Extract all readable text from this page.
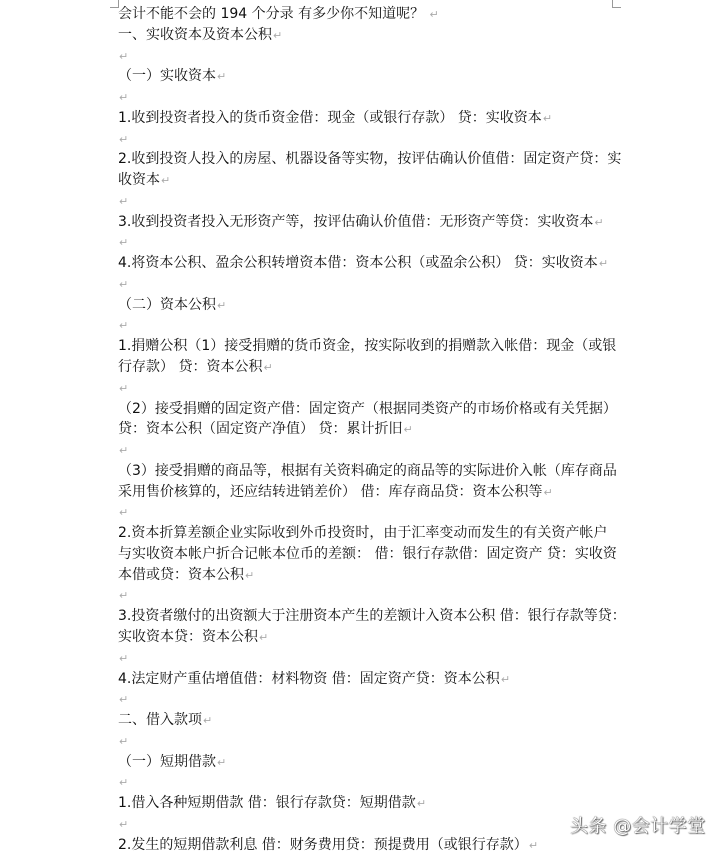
会计不能不会的 194 个分录 有多少你不知道呢？ ↵
一、实收资本及资本公积↵
↵
（一）实收资本↵
↵
1.收到投资者投入的货币资金借：现金（或银行存款） 贷：实收资本↵
↵
2.收到投资人投入的房屋、机器设备等实物，按评估确认价值借：固定资产贷：实
收资本↵
↵
3.收到投资者投入无形资产等，按评估确认价值借：无形资产等贷：实收资本↵
↵
4.将资本公积、盈余公积转增资本借：资本公积（或盈余公积） 贷：实收资本↵
↵
（二）资本公积↵
↵
1.捐赠公积（1）接受捐赠的货币资金，按实际收到的捐赠款入帐借：现金（或银
行存款） 贷：资本公积↵
↵
（2）接受捐赠的固定资产借：固定资产（根据同类资产的市场价格或有关凭据）
贷：资本公积（固定资产净值） 贷：累计折旧↵
↵
（3）接受捐赠的商品等，根据有关资料确定的商品等的实际进价入帐（库存商品
采用售价核算的，还应结转进销差价） 借：库存商品贷：资本公积等↵
↵
2.资本折算差额企业实际收到外币投资时，由于汇率变动而发生的有关资产帐户
与实收资本帐户折合记帐本位币的差额： 借：银行存款借：固定资产 贷：实收资
本借或贷：资本公积↵
↵
3.投资者缴付的出资额大于注册资本产生的差额计入资本公积 借：银行存款等贷：
实收资本贷：资本公积↵
↵
4.法定财产重估增值借：材料物资 借：固定资产贷：资本公积↵
↵
二、借入款项↵
↵
（一）短期借款↵
↵
1.借入各种短期借款 借：银行存款贷：短期借款↵
↵
2.发生的短期借款利息 借：财务费用贷：预提费用（或银行存款）↵
头条 @会计学堂
